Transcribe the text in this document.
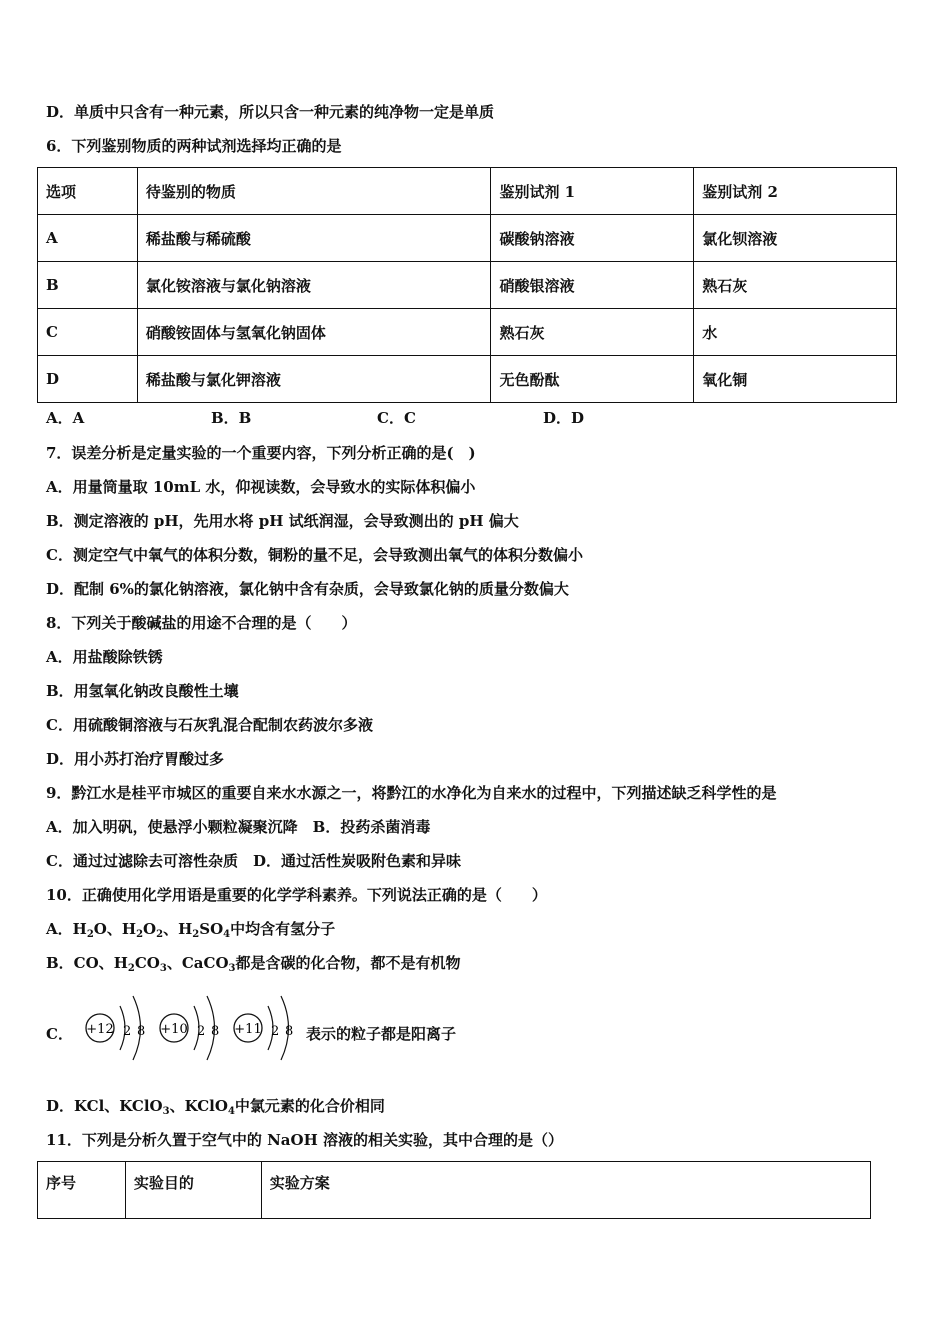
D．单质中只含有一种元素，所以只含一种元素的纯净物一定是单质
6．下列鉴别物质的两种试剂选择均正确的是
选项	待鉴别的物质	鉴别试剂 1	鉴别试剂 2
A	稀盐酸与稀硫酸	碳酸钠溶液	氯化钡溶液
B	氯化铵溶液与氯化钠溶液	硝酸银溶液	熟石灰
C	硝酸铵固体与氢氧化钠固体	熟石灰	水
D	稀盐酸与氯化钾溶液	无色酚酞	氧化铜
A．A	B．B	C．C	D．D
7．误差分析是定量实验的一个重要内容，下列分析正确的是(　)
A．用量筒量取 10mL 水，仰视读数，会导致水的实际体积偏小
B．测定溶液的 pH，先用水将 pH 试纸润湿，会导致测出的 pH 偏大
C．测定空气中氧气的体积分数，铜粉的量不足，会导致测出氧气的体积分数偏小
D．配制 6%的氯化钠溶液，氯化钠中含有杂质，会导致氯化钠的质量分数偏大
8．下列关于酸碱盐的用途不合理的是（　　）
A．用盐酸除铁锈
B．用氢氧化钠改良酸性土壤
C．用硫酸铜溶液与石灰乳混合配制农药波尔多液
D．用小苏打治疗胃酸过多
9．黔江水是桂平市城区的重要自来水水源之一，将黔江的水净化为自来水的过程中，下列描述缺乏科学性的是
A．加入明矾，使悬浮小颗粒凝聚沉降　B．投药杀菌消毒
C．通过过滤除去可溶性杂质　D．通过活性炭吸附色素和异味
10．正确使用化学用语是重要的化学学科素养。下列说法正确的是（　　）
A．$H_2O$、$H_2O_2$、$H_2SO_4$中均含有氢分子
B．CO、$H_2CO_3$、CaCO$_3$都是含碳的化合物，都不是有机物
C． +12 2 8 +10 2 8 +11 2 8 表示的粒子都是阳离子
D．KCl、KClO$_3$、KClO$_4$中氯元素的化合价相同
11．下列是分析久置于空气中的 NaOH 溶液的相关实验，其中合理的是（）
序号	实验目的	实验方案
